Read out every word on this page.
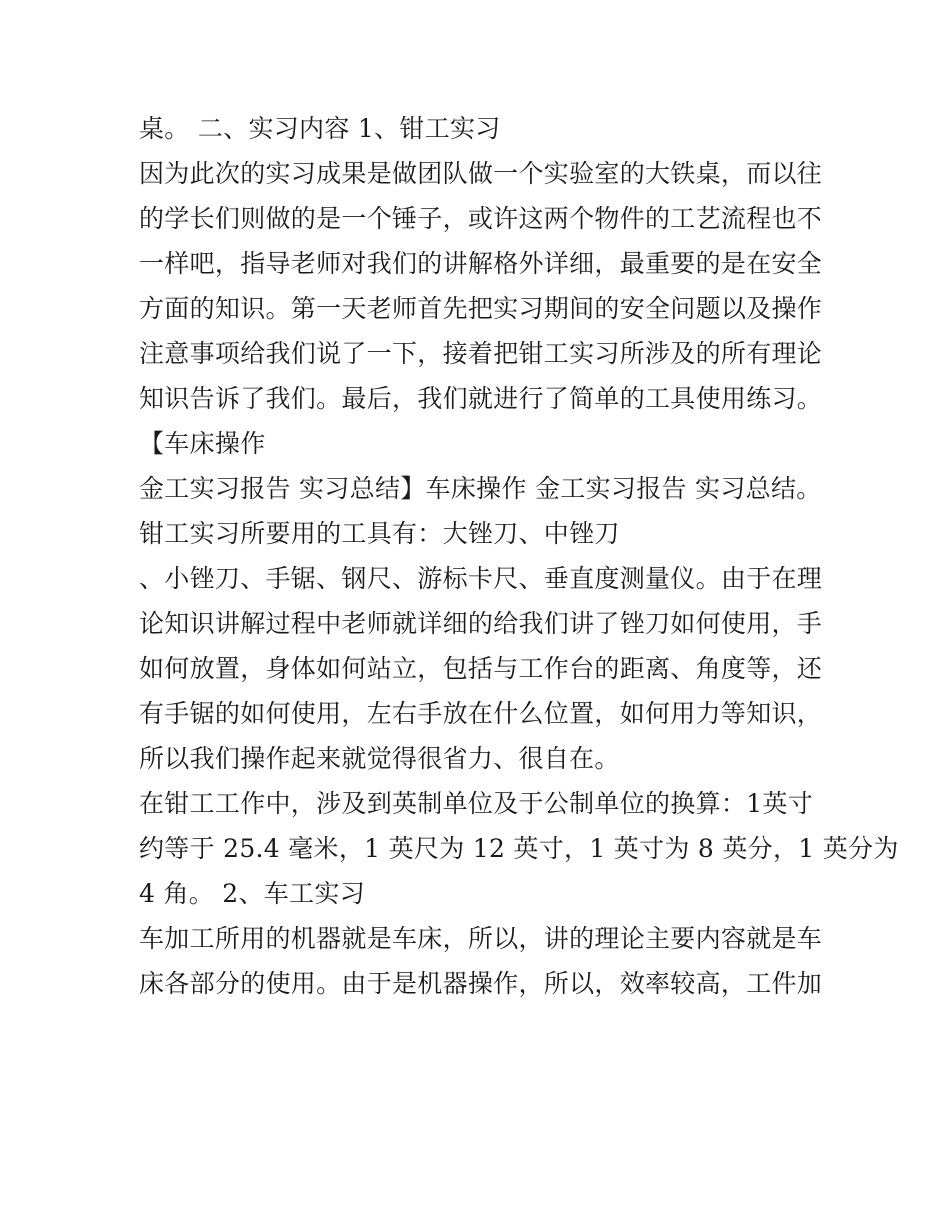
桌。 二、实习内容 1、钳工实习
因为此次的实习成果是做团队做一个实验室的大铁桌，而以往
的学长们则做的是一个锤子，或许这两个物件的工艺流程也不
一样吧，指导老师对我们的讲解格外详细，最重要的是在安全
方面的知识。第一天老师首先把实习期间的安全问题以及操作
注意事项给我们说了一下，接着把钳工实习所涉及的所有理论
知识告诉了我们。最后，我们就进行了简单的工具使用练习。
【车床操作
金工实习报告 实习总结】车床操作 金工实习报告 实习总结。
钳工实习所要用的工具有：大锉刀、中锉刀
、小锉刀、手锯、钢尺、游标卡尺、垂直度测量仪。由于在理
论知识讲解过程中老师就详细的给我们讲了锉刀如何使用，手
如何放置，身体如何站立，包括与工作台的距离、角度等，还
有手锯的如何使用，左右手放在什么位置，如何用力等知识，
所以我们操作起来就觉得很省力、很自在。
在钳工工作中，涉及到英制单位及于公制单位的换算：1英寸
约等于 25.4 毫米，1 英尺为 12 英寸，1 英寸为 8 英分，1 英分为
4 角。 2、车工实习
车加工所用的机器就是车床，所以，讲的理论主要内容就是车
床各部分的使用。由于是机器操作，所以，效率较高，工件加
